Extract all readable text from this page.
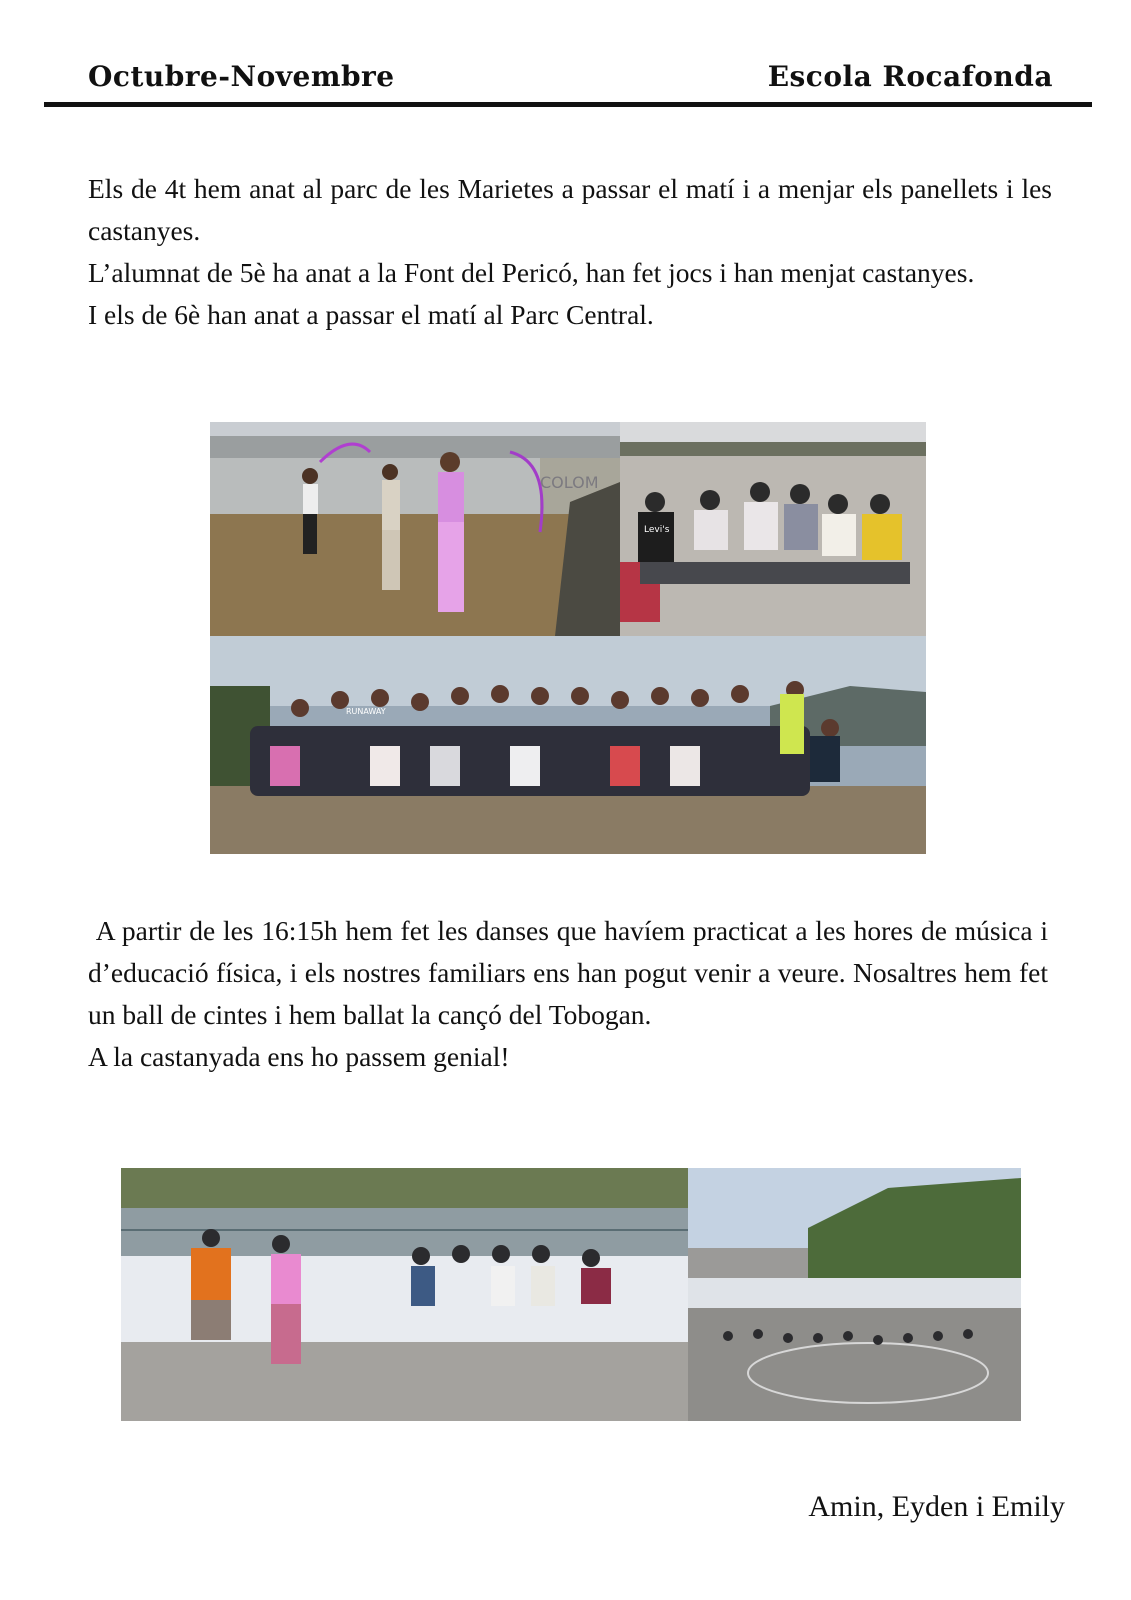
Octubre-Novembre	Escola Rocafonda

Els de 4t hem anat al parc de les Marietes a passar el matí i a menjar els panellets i les castanyes.

L’alumnat de 5è ha anat a la Font del Pericó, han fet jocs i han menjat castanyes.

I els de 6è han anat a passar el matí al Parc Central.

COLOM
Levi's
RUNAWAY

A partir de les 16:15h hem fet les danses que havíem practicat a les hores de música i d’educació física, i els nostres familiars ens han pogut venir a veure. Nosaltres hem fet un ball de cintes i hem ballat la cançó del Tobogan.

A la castanyada ens ho passem genial!

Amin, Eyden i Emily
